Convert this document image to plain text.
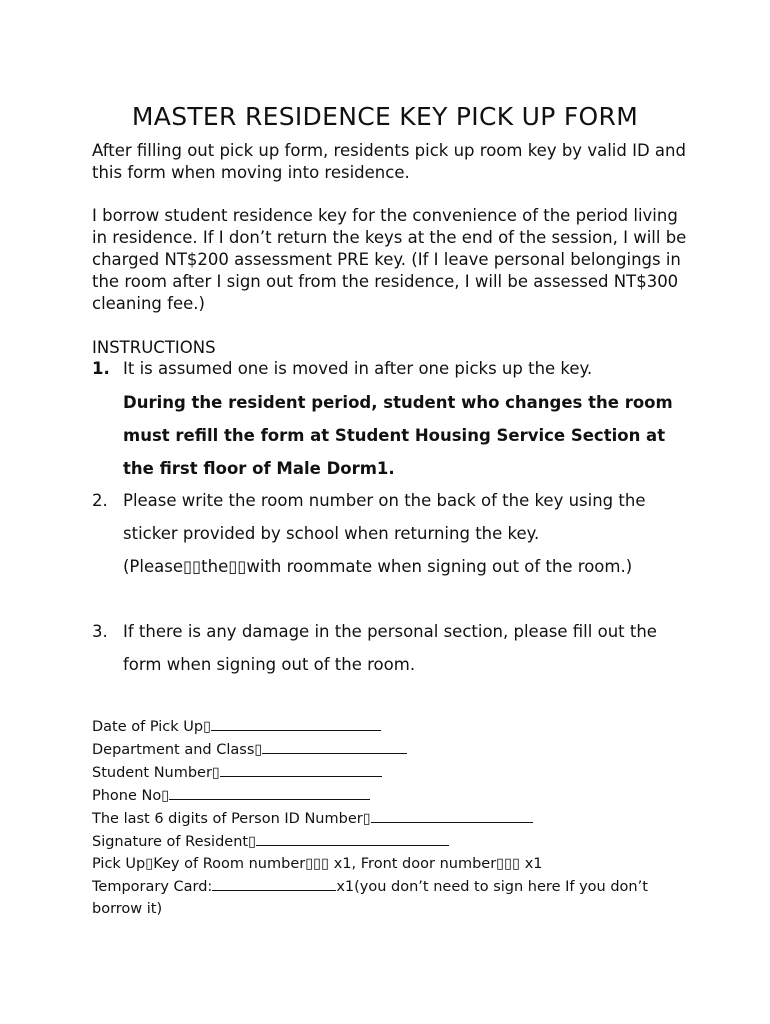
MASTER RESIDENCE KEY PICK UP FORM
After filling out pick up form, residents pick up room key by valid ID and this form when moving into residence.
I borrow student residence key for the convenience of the period living in residence. If I don’t return the keys at the end of the session, I will be charged NT$200 assessment PRE key. (If I leave personal belongings in the room after I sign out from the residence, I will be assessed NT$300 cleaning fee.)
INSTRUCTIONS
1. It is assumed one is moved in after one picks up the key.
During the resident period, student who changes the room must refill the form at Student Housing Service Section at the first floor of Male Dorm1.
2. Please write the room number on the back of the key using the sticker provided by school when returning the key. (Please▯▯the▯▯with roommate when signing out of the room.)
3. If there is any damage in the personal section, please fill out the form when signing out of the room.
Date of Pick Up▯
Department and Class▯
Student Number▯
Phone No▯
The last 6 digits of Person ID Number▯
Signature of Resident▯
Pick Up▯Key of Room number▯▯▯ x1, Front door number▯▯▯ x1
Temporary Card:	x1(you don’t need to sign here If you don’t borrow it)
